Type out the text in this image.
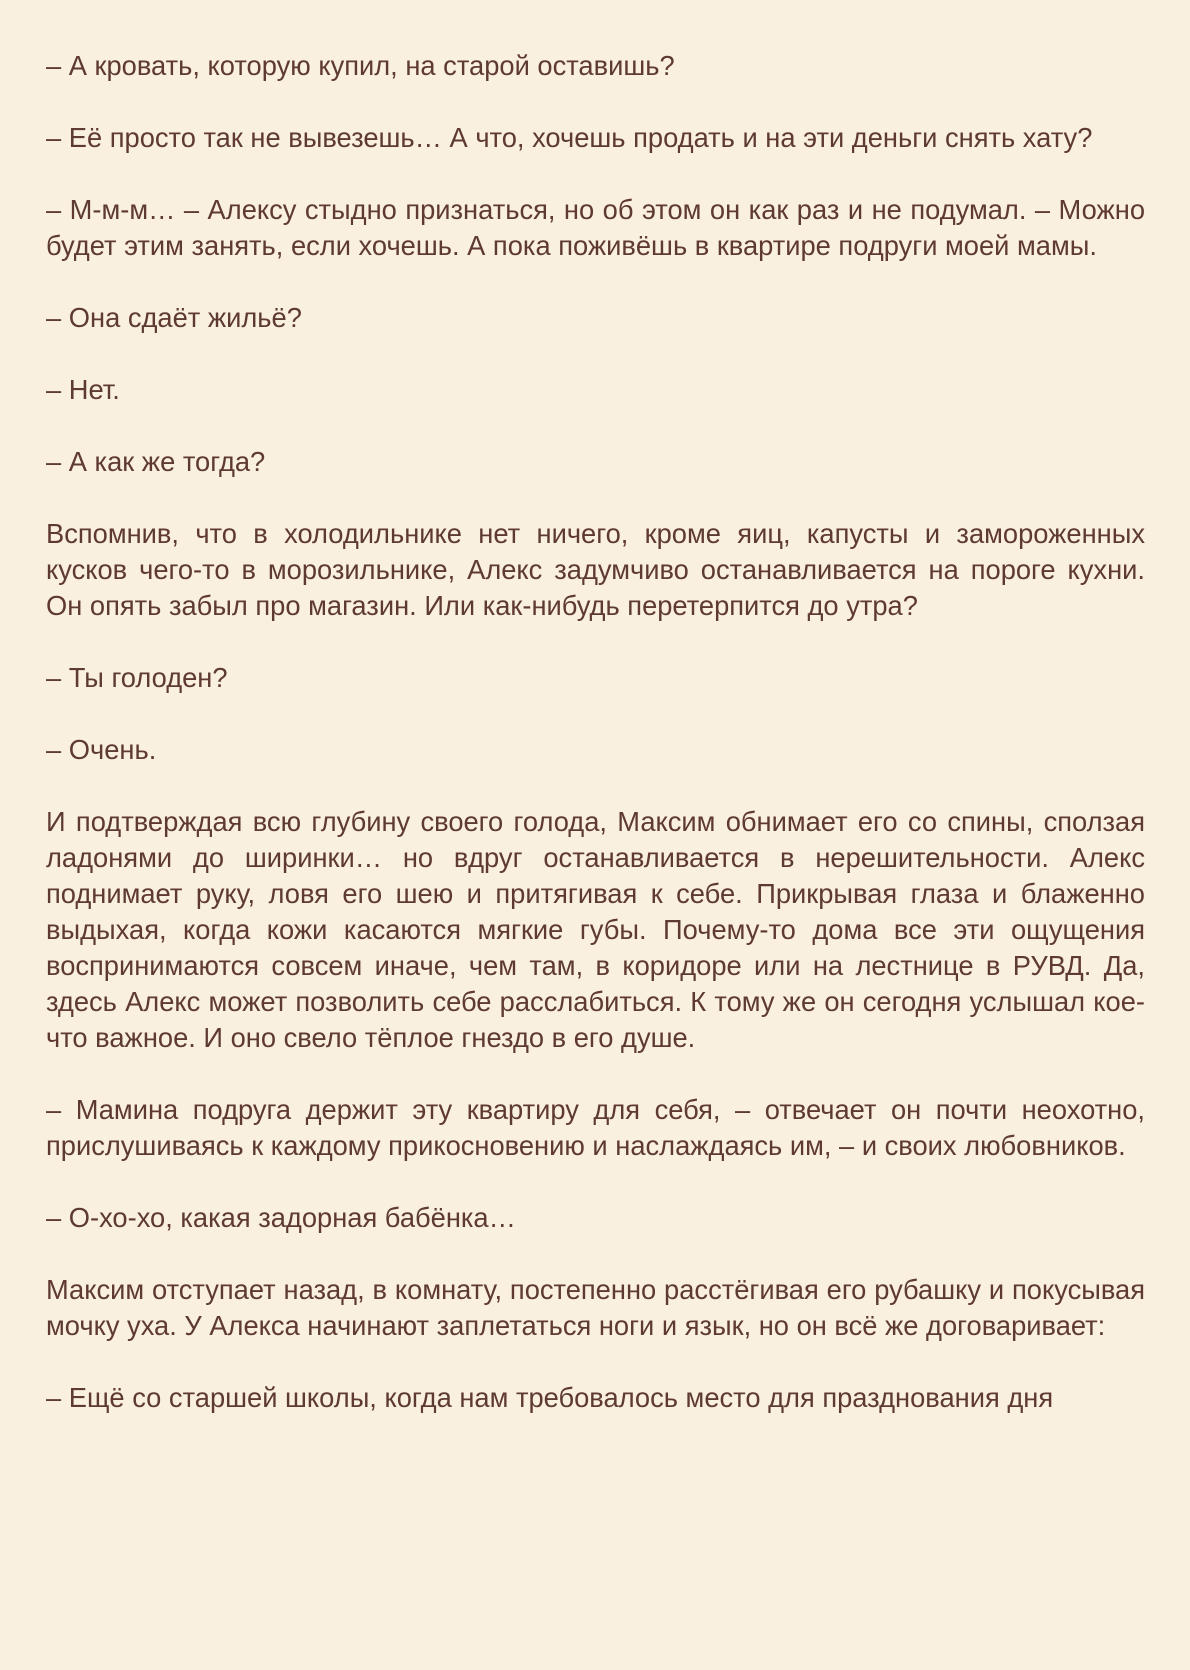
– А кровать, которую купил, на старой оставишь?

– Её просто так не вывезешь… А что, хочешь продать и на эти деньги снять хату?

– М-м-м… – Алексу стыдно признаться, но об этом он как раз и не подумал. – Можно будет этим занять, если хочешь. А пока поживёшь в квартире подруги моей мамы.

– Она сдаёт жильё?

– Нет.

– А как же тогда?

Вспомнив, что в холодильнике нет ничего, кроме яиц, капусты и замороженных кусков чего-то в морозильнике, Алекс задумчиво останавливается на пороге кухни. Он опять забыл про магазин. Или как-нибудь перетерпится до утра?

– Ты голоден?

– Очень.

И подтверждая всю глубину своего голода, Максим обнимает его со спины, сползая ладонями до ширинки… но вдруг останавливается в нерешительности. Алекс поднимает руку, ловя его шею и притягивая к себе. Прикрывая глаза и блаженно выдыхая, когда кожи касаются мягкие губы. Почему-то дома все эти ощущения воспринимаются совсем иначе, чем там, в коридоре или на лестнице в РУВД. Да, здесь Алекс может позволить себе расслабиться. К тому же он сегодня услышал кое-что важное. И оно свело тёплое гнездо в его душе.

– Мамина подруга держит эту квартиру для себя, – отвечает он почти неохотно, прислушиваясь к каждому прикосновению и наслаждаясь им, – и своих любовников.

– О-хо-хо, какая задорная бабёнка…

Максим отступает назад, в комнату, постепенно расстёгивая его рубашку и покусывая мочку уха. У Алекса начинают заплетаться ноги и язык, но он всё же договаривает:

– Ещё со старшей школы, когда нам требовалось место для празднования дня
